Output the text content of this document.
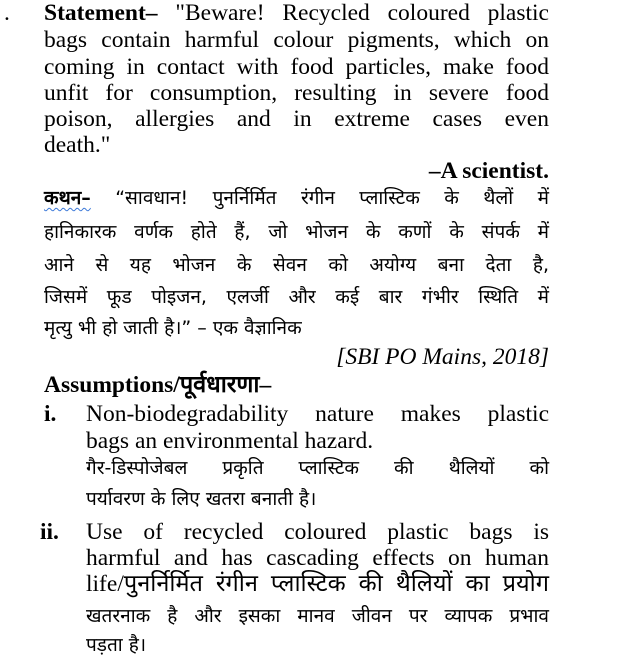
. Statement– "Beware! Recycled coloured plastic
bags contain harmful colour pigments, which on
coming in contact with food particles, make food
unfit for consumption, resulting in severe food
poison, allergies and in extreme cases even
death."
–A scientist.
कथन– “सावधान! पुनर्निर्मित रंगीन प्लास्टिक के थैलों में
हानिकारक वर्णक होते हैं, जो भोजन के कणों के संपर्क में
आने से यह भोजन के सेवन को अयोग्य बना देता है,
जिसमें फूड पोइजन, एलर्जी और कई बार गंभीर स्थिति में
मृत्यु भी हो जाती है।” – एक वैज्ञानिक
[SBI PO Mains, 2018]
Assumptions/पूर्वधारणा–
i. Non-biodegradability nature makes plastic
bags an environmental hazard.
गैर-डिस्पोजेबल प्रकृति प्लास्टिक की थैलियों को
पर्यावरण के लिए खतरा बनाती है।
ii. Use of recycled coloured plastic bags is
harmful and has cascading effects on human
life/पुनर्निर्मित रंगीन प्लास्टिक की थैलियों का प्रयोग
खतरनाक है और इसका मानव जीवन पर व्यापक प्रभाव
पड़ता है।
